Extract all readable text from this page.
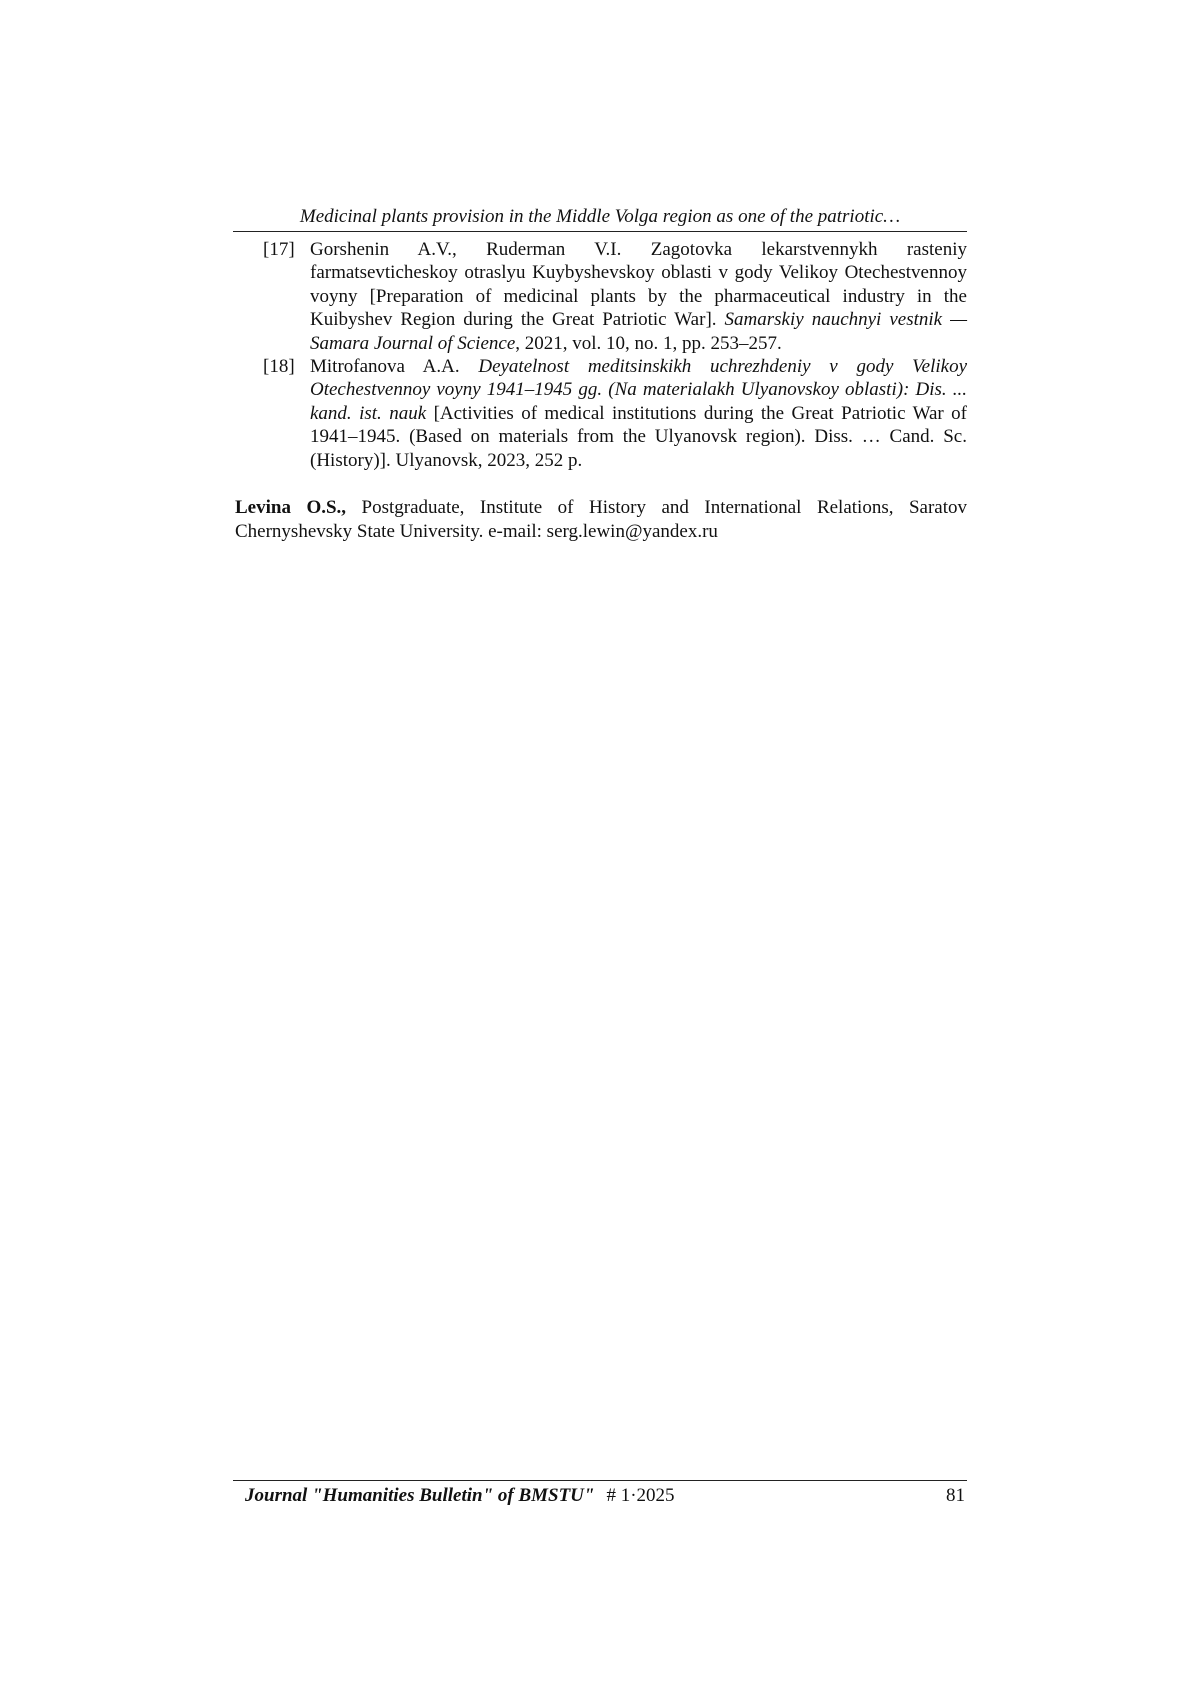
Medicinal plants provision in the Middle Volga region as one of the patriotic…
[17] Gorshenin A.V., Ruderman V.I. Zagotovka lekarstvennykh rasteniy farmatsevticheskoy otraslyu Kuybyshevskoy oblasti v gody Velikoy Otechestvennoy voyny [Preparation of medicinal plants by the pharmaceutical industry in the Kuibyshev Region during the Great Patriotic War]. Samarskiy nauchnyi vestnik — Samara Journal of Science, 2021, vol. 10, no. 1, pp. 253–257.
[18] Mitrofanova A.A. Deyatelnost meditsinskikh uchrezhdeniy v gody Velikoy Otechestvennoy voyny 1941–1945 gg. (Na materialakh Ulyanovskoy oblasti): Dis. ... kand. ist. nauk [Activities of medical institutions during the Great Patriotic War of 1941–1945. (Based on materials from the Ulyanovsk region). Diss. … Cand. Sc. (History)]. Ulyanovsk, 2023, 252 p.
Levina O.S., Postgraduate, Institute of History and International Relations, Saratov Chernyshevsky State University. e-mail: serg.lewin@yandex.ru
Journal "Humanities Bulletin" of BMSTU" # 1·2025	81
